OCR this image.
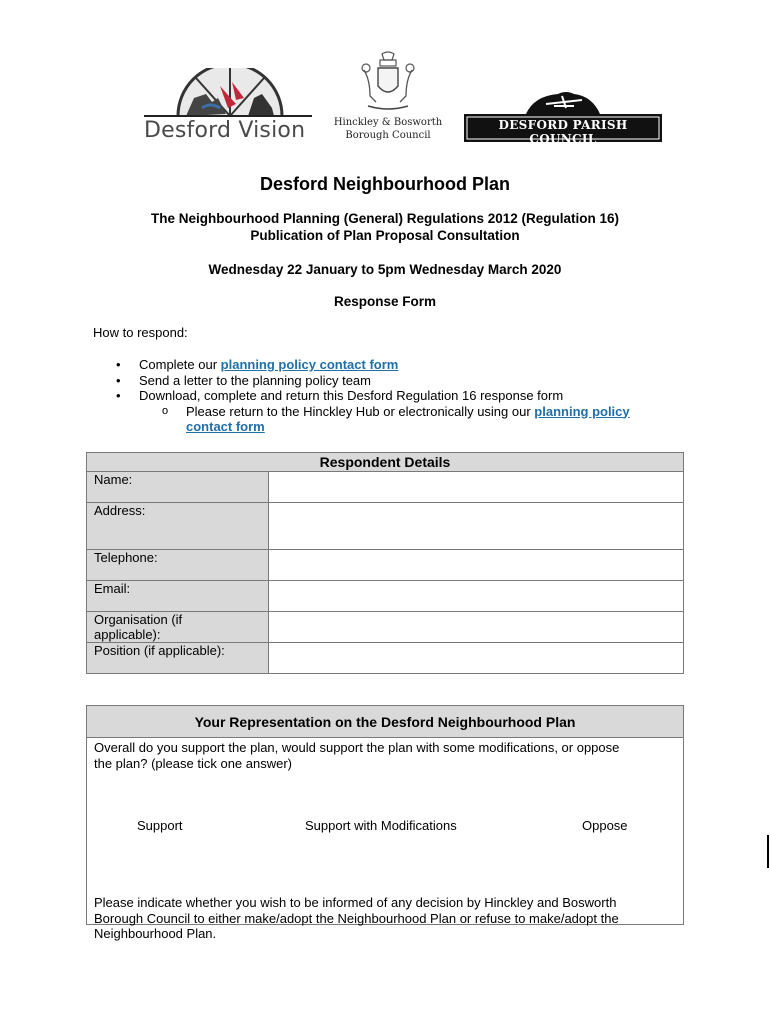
Desford Vision	Hinckley & Bosworth
Borough Council
DESFORD PARISH COUNCIL
Desford Neighbourhood Plan
The Neighbourhood Planning (General) Regulations 2012 (Regulation 16)
Publication of Plan Proposal Consultation
Wednesday 22 January to 5pm Wednesday March 2020
Response Form
How to respond:
• Complete our planning policy contact form
• Send a letter to the planning policy team
• Download, complete and return this Desford Regulation 16 response form
o Please return to the Hinckley Hub or electronically using our planning policy
contact form
Respondent Details	
Name:	
Address:	
Telephone:	
Email:	

Organisation (if
applicable):	

Position (if applicable):	
Your Representation on the Desford Neighbourhood Plan

Overall do you support the plan, would support the plan with some modifications, or oppose
the plan? (please tick one answer)
Support	Support with Modifications	Oppose
Please indicate whether you wish to be informed of any decision by Hinckley and Bosworth
Borough Council to either make/adopt the Neighbourhood Plan or refuse to make/adopt the
Neighbourhood Plan.
